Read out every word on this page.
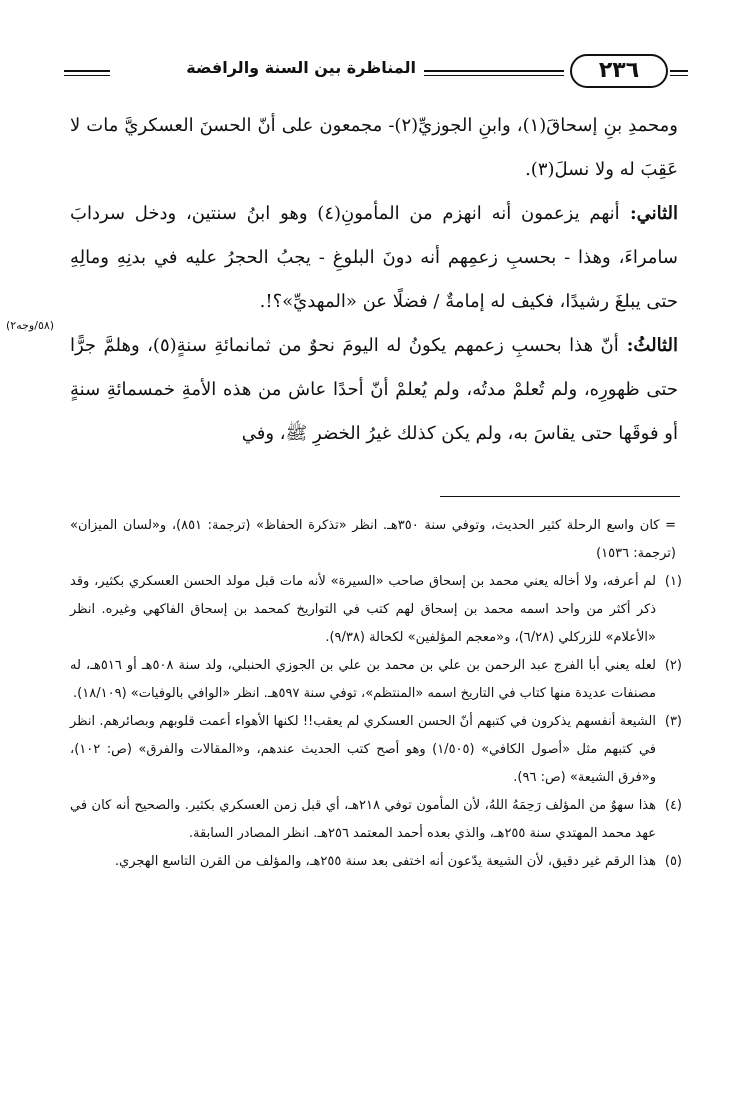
٢٣٦
المناظرة بين السنة والرافضة

ومحمدِ بنِ إسحاقَ(١)، وابنِ الجوزيِّ(٢)- مجمعون على أنّ الحسنَ العسكريَّ مات لا عَقِبَ له ولا نسلَ(٣).

الثاني: أنهم يزعمون أنه انهزم من المأمونِ(٤) وهو ابنُ سنتين، ودخل سردابَ سامراءَ، وهذا - بحسبِ زعمِهم أنه دونَ البلوغِ - يجبُ الحجرُ عليه في بدنِهِ ومالِهِ حتى يبلغَ رشيدًا، فكيف له إمامةٌ / فضلًا عن «المهديِّ»؟!.

الثالثُ: أنّ هذا بحسبِ زعمهم يكونُ له اليومَ نحوٌ من ثمانمائةِ سنةٍ(٥)، وهلمَّ جرًّا حتى ظهورِه، ولم تُعلمْ مدتُه، ولم يُعلمْ أنّ أحدًا عاش من هذه الأمةِ خمسمائةِ سنةٍ أو فوقَها حتى يقاسَ به، ولم يكن كذلك غيرُ الخضرِ ﷺ، وفي

(٥٨/وجه٢)

= كان واسع الرحلة كثير الحديث، وتوفي سنة ٣٥٠هـ. انظر «تذكرة الحفاظ» (ترجمة: ٨٥١)، و«لسان الميزان» (ترجمة: ١٥٣٦)

(١)لم أعرفه، ولا أخاله يعني محمد بن إسحاق صاحب «السيرة» لأنه مات قبل مولد الحسن العسكري بكثير، وقد ذكر أكثر من واحد اسمه محمد بن إسحاق لهم كتب في التواريخ كمحمد بن إسحاق الفاكهي وغيره. انظر «الأعلام» للزركلي (٦/٢٨)، و«معجم المؤلفين» لكحالة (٩/٣٨).

(٢)لعله يعني أبا الفرج عبد الرحمن بن علي بن محمد بن علي بن الجوزي الحنبلي، ولد سنة ٥٠٨هـ أو ٥١٦هـ، له مصنفات عديدة منها كتاب في التاريخ اسمه «المنتظم»، توفي سنة ٥٩٧هـ. انظر «الوافي بالوفيات» (١٨/١٠٩).

(٣)الشيعة أنفسهم يذكرون في كتبهم أنّ الحسن العسكري لم يعقب!! لكنها الأهواء أعمت قلوبهم وبصائرهم. انظر في كتبهم مثل «أصول الكافي» (١/٥٠٥) وهو أصح كتب الحديث عندهم، و«المقالات والفرق» (ص: ١٠٢)، و«فرق الشيعة» (ص: ٩٦).

(٤)هذا سهوٌ من المؤلف رَحِمَهُ اللهُ، لأن المأمون توفي ٢١٨هـ، أي قبل زمن العسكري بكثير. والصحيح أنه كان في عهد محمد المهتدي سنة ٢٥٥هـ، والذي بعده أحمد المعتمد ٢٥٦هـ. انظر المصادر السابقة.

(٥)هذا الرقم غير دقيق، لأن الشيعة يدّعون أنه اختفى بعد سنة ٢٥٥هـ، والمؤلف من القرن التاسع الهجري.
